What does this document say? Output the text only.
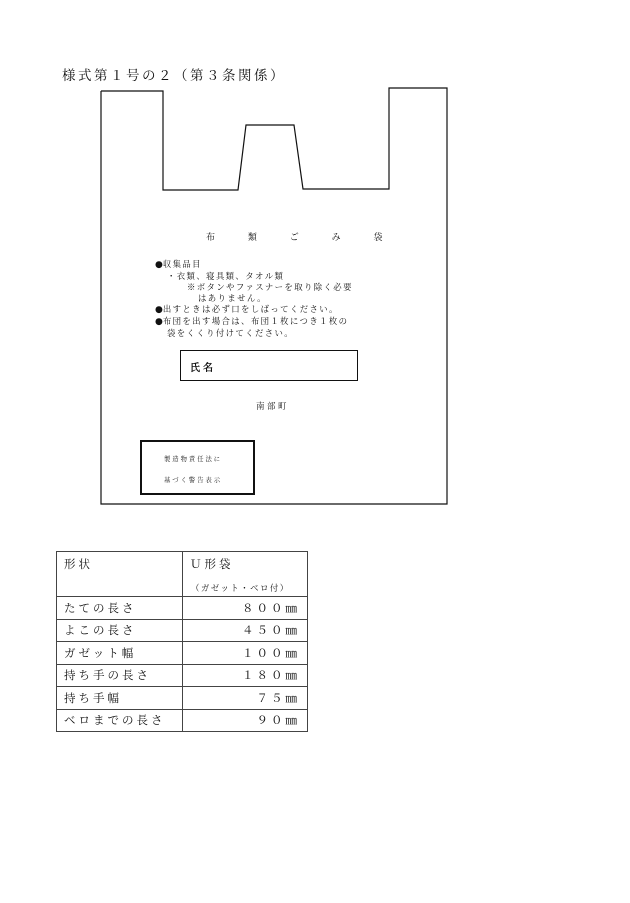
様式第１号の２（第３条関係）
布 類 ご み 袋
●収集品目
・衣類、寝具類、タオル類
※ボタンやファスナーを取り除く必要
はありません。
●出すときは必ず口をしばってください。
●布団を出す場合は、布団１枚につき１枚の
袋をくくり付けてください。
氏名
南部町
製造物責任法に
基づく警告表示
形状	Ｕ形袋
（ガゼット・ベロ付）

たての長さ	８００㎜
よこの長さ	４５０㎜
ガゼット幅	１００㎜
持ち手の長さ	１８０㎜
持ち手幅	７５㎜
ベロまでの長さ	９０㎜
